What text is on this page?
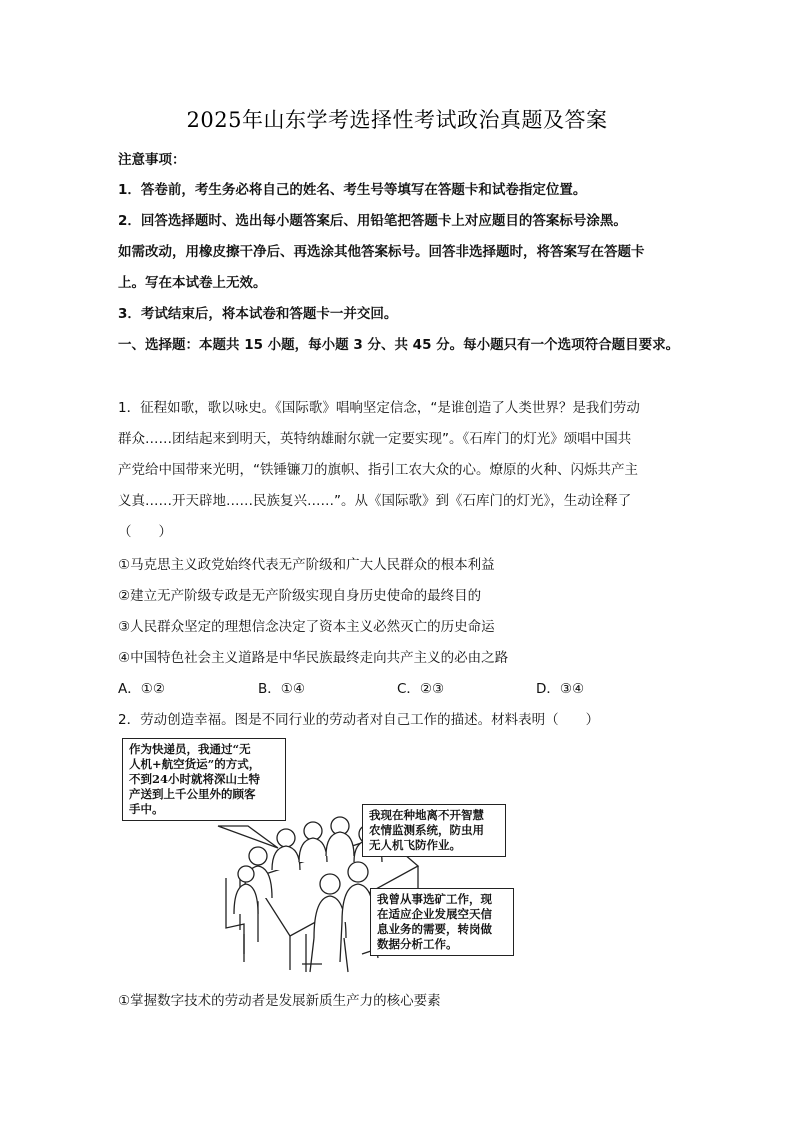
2025年山东学考选择性考试政治真题及答案
注意事项：
1．答卷前，考生务必将自己的姓名、考生号等填写在答题卡和试卷指定位置。
2．回答选择题时、选出每小题答案后、用铅笔把答题卡上对应题目的答案标号涂黑。
如需改动，用橡皮擦干净后、再选涂其他答案标号。回答非选择题时，将答案写在答题卡
上。写在本试卷上无效。
3．考试结束后，将本试卷和答题卡一并交回。
一、选择题：本题共 15 小题，每小题 3 分、共 45 分。每小题只有一个选项符合题目要求。
1．征程如歌，歌以咏史。《国际歌》唱响坚定信念，“是谁创造了人类世界？是我们劳动
群众……团结起来到明天，英特纳雄耐尔就一定要实现”。《石库门的灯光》颂唱中国共
产党给中国带来光明，“铁锤镰刀的旗帜、指引工农大众的心。燎原的火种、闪烁共产主
义真……开天辟地……民族复兴……”。从《国际歌》到《石库门的灯光》，生动诠释了
（　　）
①马克思主义政党始终代表无产阶级和广大人民群众的根本利益
②建立无产阶级专政是无产阶级实现自身历史使命的最终目的
③人民群众坚定的理想信念决定了资本主义必然灭亡的历史命运
④中国特色社会主义道路是中华民族最终走向共产主义的必由之路
A．①②	B．①④	C．②③	D．③④
2．劳动创造幸福。图是不同行业的劳动者对自己工作的描述。材料表明（　　）
作为快递员，我通过“无
人机+航空货运”的方式，
不到24小时就将深山土特
产送到上千公里外的顾客
手中。	我现在种地离不开智慧
农情监测系统，防虫用
无人机飞防作业。
我曾从事选矿工作，现
在适应企业发展空天信
息业务的需要，转岗做
数据分析工作。
①掌握数字技术的劳动者是发展新质生产力的核心要素
